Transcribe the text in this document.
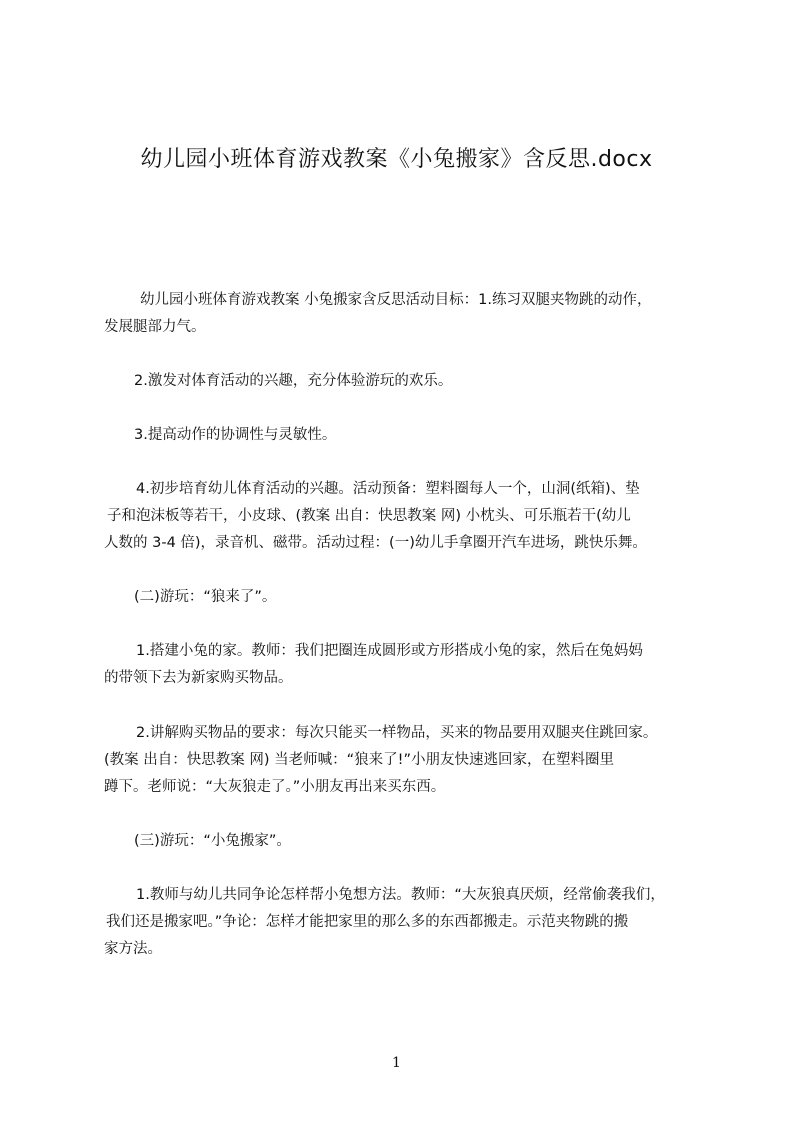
幼儿园小班体育游戏教案《小兔搬家》含反思.docx
幼儿园小班体育游戏教案 小兔搬家含反思活动目标：1.练习双腿夹物跳的动作，
发展腿部力气。
2.激发对体育活动的兴趣，充分体验游玩的欢乐。
3.提高动作的协调性与灵敏性。
4.初步培育幼儿体育活动的兴趣。活动预备：塑料圈每人一个，山洞(纸箱)、垫
子和泡沫板等若干，小皮球、(教案 出自：快思教案 网) 小枕头、可乐瓶若干(幼儿
人数的 3-4 倍)，录音机、磁带。活动过程：(一)幼儿手拿圈开汽车进场，跳快乐舞。
(二)游玩：“狼来了”。
1.搭建小兔的家。教师：我们把圈连成圆形或方形搭成小兔的家，然后在兔妈妈
的带领下去为新家购买物品。
2.讲解购买物品的要求：每次只能买一样物品，买来的物品要用双腿夹住跳回家。
(教案 出自：快思教案 网) 当老师喊：“狼来了!”小朋友快速逃回家，在塑料圈里
蹲下。老师说：“大灰狼走了。”小朋友再出来买东西。
(三)游玩：“小兔搬家”。
1.教师与幼儿共同争论怎样帮小兔想方法。教师：“大灰狼真厌烦，经常偷袭我们，
我们还是搬家吧。”争论：怎样才能把家里的那么多的东西都搬走。示范夹物跳的搬
家方法。
1
